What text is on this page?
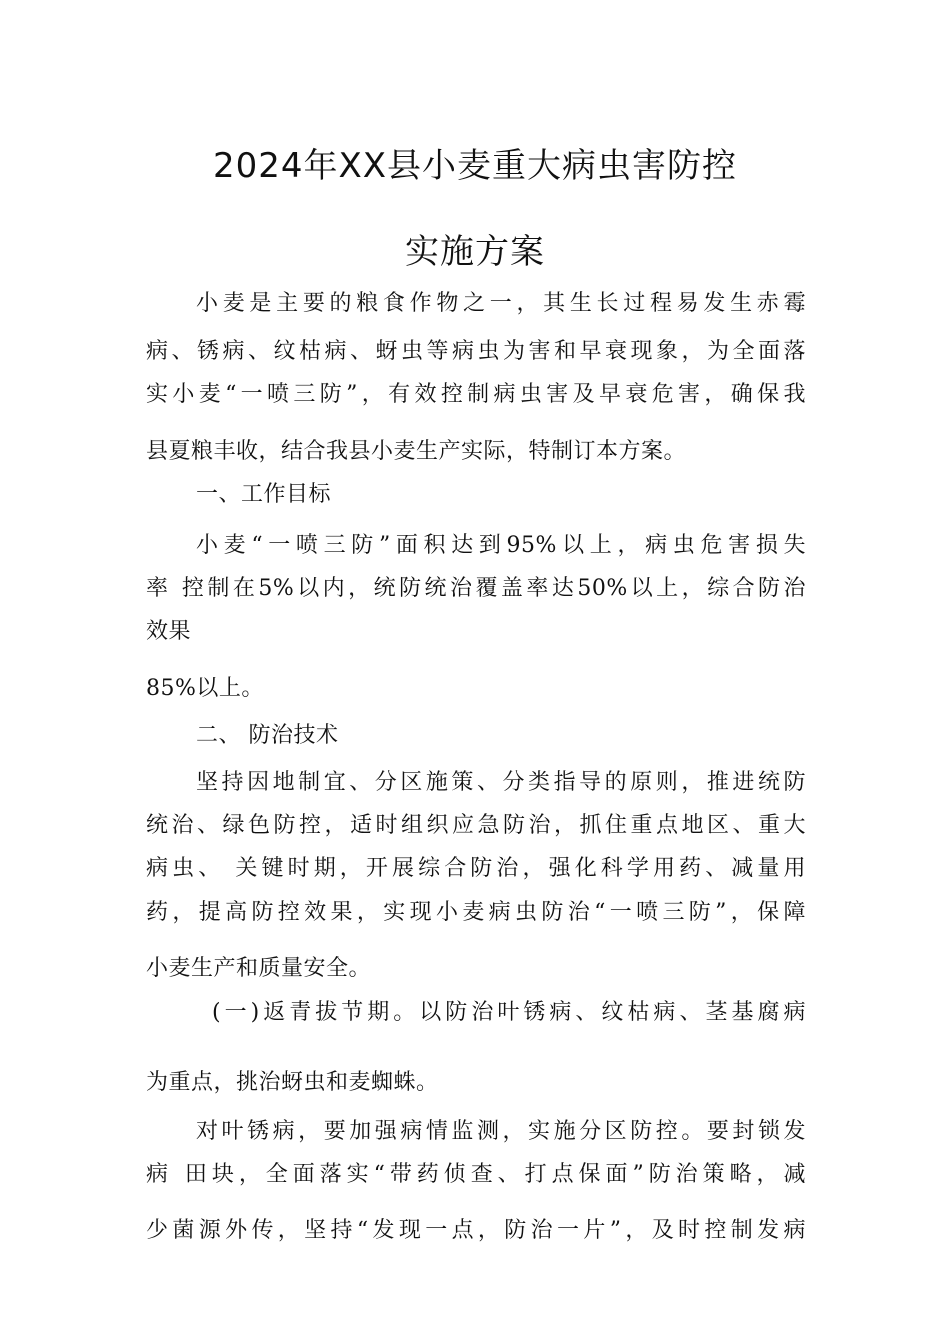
2024年XX县小麦重大病虫害防控
实施方案
小麦是主要的粮食作物之一，其生长过程易发生赤霉
病、锈病、纹枯病、蚜虫等病虫为害和早衰现象，为全面落
实小麦“一喷三防”，有效控制病虫害及早衰危害，确保我
县夏粮丰收，结合我县小麦生产实际，特制订本方案。
一、工作目标
小麦“一喷三防”面积达到95%以上，病虫危害损失
率 控制在5%以内，统防统治覆盖率达50%以上，综合防治
效果
85%以上。
二、 防治技术
坚持因地制宜、分区施策、分类指导的原则，推进统防
统治、绿色防控，适时组织应急防治，抓住重点地区、重大
病虫、 关键时期，开展综合防治，强化科学用药、减量用
药，提高防控效果，实现小麦病虫防治“一喷三防”，保障
小麦生产和质量安全。
(一)返青拔节期。以防治叶锈病、纹枯病、茎基腐病
为重点，挑治蚜虫和麦蜘蛛。
对叶锈病，要加强病情监测，实施分区防控。要封锁发
病 田块，全面落实“带药侦查、打点保面”防治策略，减
少菌源外传，坚持“发现一点，防治一片”，及时控制发病
